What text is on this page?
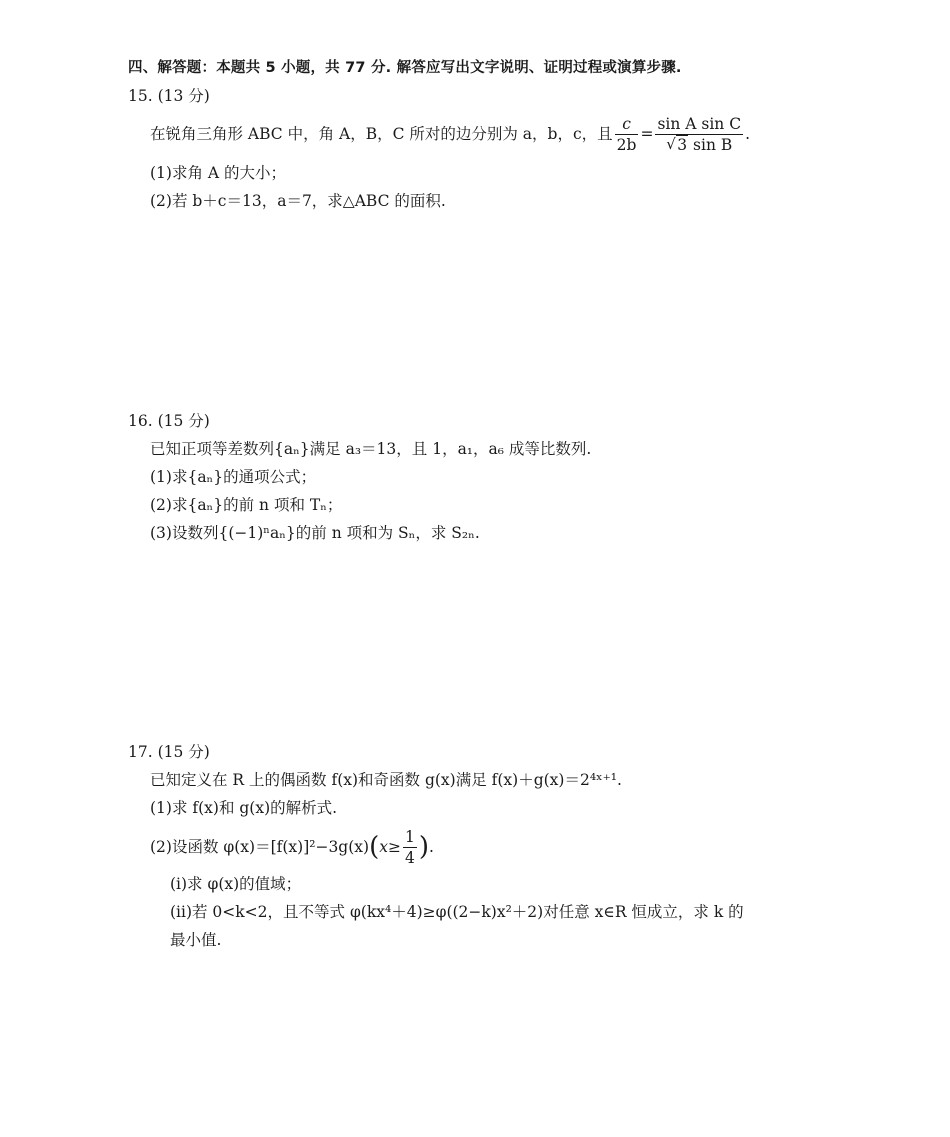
四、解答题：本题共 5 小题，共 77 分. 解答应写出文字说明、证明过程或演算步骤.
15. (13 分)
在锐角三角形 ABC 中，角 A，B，C 所对的边分别为 a，b，c，且 $\frac{c}{2b} = \frac{\text{sin A sin C}}{\text{√ 3 sin B}}$ .
(1)求角 A 的大小；
(2)若 b＋c＝13，a＝7，求△ABC 的面积.
16. (15 分)
已知正项等差数列{aₙ}满足 a₃＝13，且 1，a₁，a₆ 成等比数列.
(1)求{aₙ}的通项公式；
(2)求{aₙ}的前 n 项和 Tₙ；
(3)设数列{(−1)ⁿaₙ}的前 n 项和为 Sₙ，求 S₂ₙ.
17. (15 分)
已知定义在 R 上的偶函数 f(x)和奇函数 g(x)满足 f(x)＋g(x)＝2⁴ˣ⁺¹.
(1)求 f(x)和 g(x)的解析式.
(2)设函数 φ(x)＝[f(x)]²−3g(x) ( $x\ge \frac{1}{4}$ ) .
(ⅰ)求 φ(x)的值域；
(ⅱ)若 0<k<2，且不等式 φ(kx⁴＋4)≥φ((2−k)x²＋2)对任意 x∈R 恒成立，求 k 的
最小值.
